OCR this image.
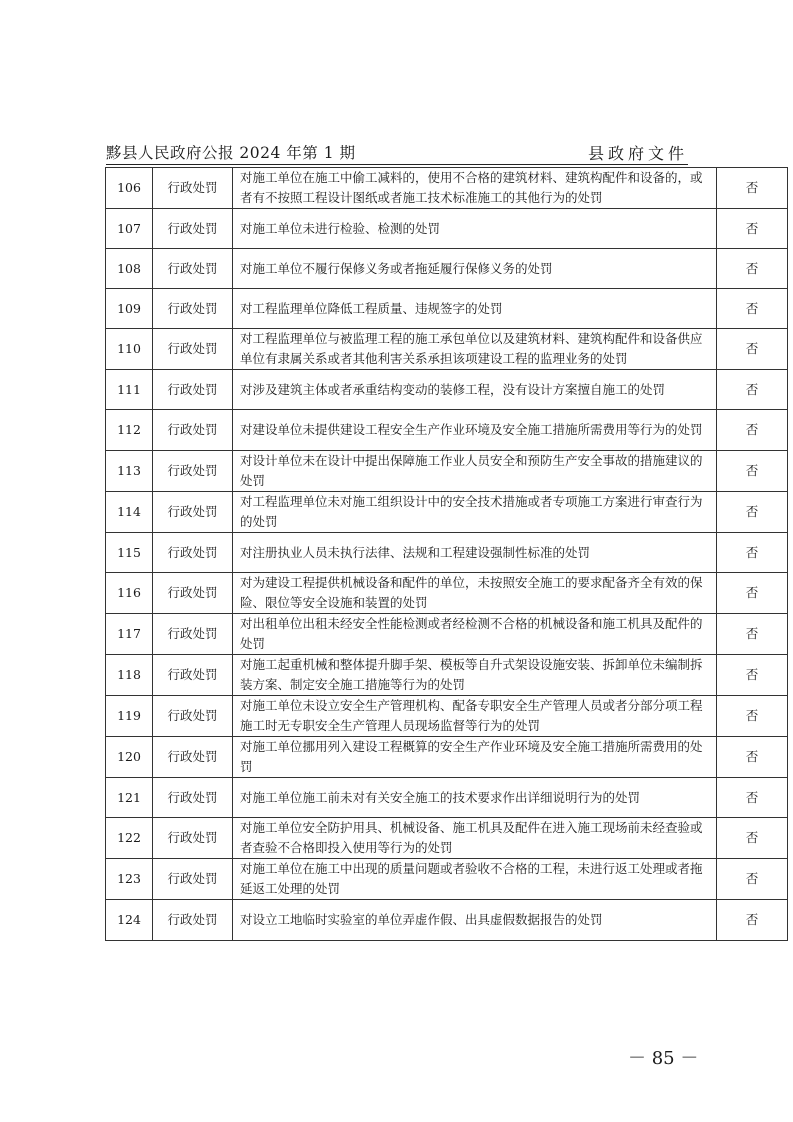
黟县人民政府公报 2024 年第 1 期	县政府文件
106	行政处罚	对施工单位在施工中偷工减料的，使用不合格的建筑材料、建筑构配件和设备的，或者有不按照工程设计图纸或者施工技术标准施工的其他行为的处罚	否
107	行政处罚	对施工单位未进行检验、检测的处罚	否
108	行政处罚	对施工单位不履行保修义务或者拖延履行保修义务的处罚	否
109	行政处罚	对工程监理单位降低工程质量、违规签字的处罚	否
110	行政处罚	对工程监理单位与被监理工程的施工承包单位以及建筑材料、建筑构配件和设备供应单位有隶属关系或者其他利害关系承担该项建设工程的监理业务的处罚	否
111	行政处罚	对涉及建筑主体或者承重结构变动的装修工程，没有设计方案擅自施工的处罚	否
112	行政处罚	对建设单位未提供建设工程安全生产作业环境及安全施工措施所需费用等行为的处罚	否
113	行政处罚	对设计单位未在设计中提出保障施工作业人员安全和预防生产安全事故的措施建议的处罚	否
114	行政处罚	对工程监理单位未对施工组织设计中的安全技术措施或者专项施工方案进行审查行为的处罚	否
115	行政处罚	对注册执业人员未执行法律、法规和工程建设强制性标准的处罚	否
116	行政处罚	对为建设工程提供机械设备和配件的单位，未按照安全施工的要求配备齐全有效的保险、限位等安全设施和装置的处罚	否
117	行政处罚	对出租单位出租未经安全性能检测或者经检测不合格的机械设备和施工机具及配件的处罚	否
118	行政处罚	对施工起重机械和整体提升脚手架、模板等自升式架设设施安装、拆卸单位未编制拆装方案、制定安全施工措施等行为的处罚	否
119	行政处罚	对施工单位未设立安全生产管理机构、配备专职安全生产管理人员或者分部分项工程施工时无专职安全生产管理人员现场监督等行为的处罚	否
120	行政处罚	对施工单位挪用列入建设工程概算的安全生产作业环境及安全施工措施所需费用的处罚	否
121	行政处罚	对施工单位施工前未对有关安全施工的技术要求作出详细说明行为的处罚	否
122	行政处罚	对施工单位安全防护用具、机械设备、施工机具及配件在进入施工现场前未经查验或者查验不合格即投入使用等行为的处罚	否
123	行政处罚	对施工单位在施工中出现的质量问题或者验收不合格的工程，未进行返工处理或者拖延返工处理的处罚	否
124	行政处罚	对设立工地临时实验室的单位弄虚作假、出具虚假数据报告的处罚	否
－ 85 －
